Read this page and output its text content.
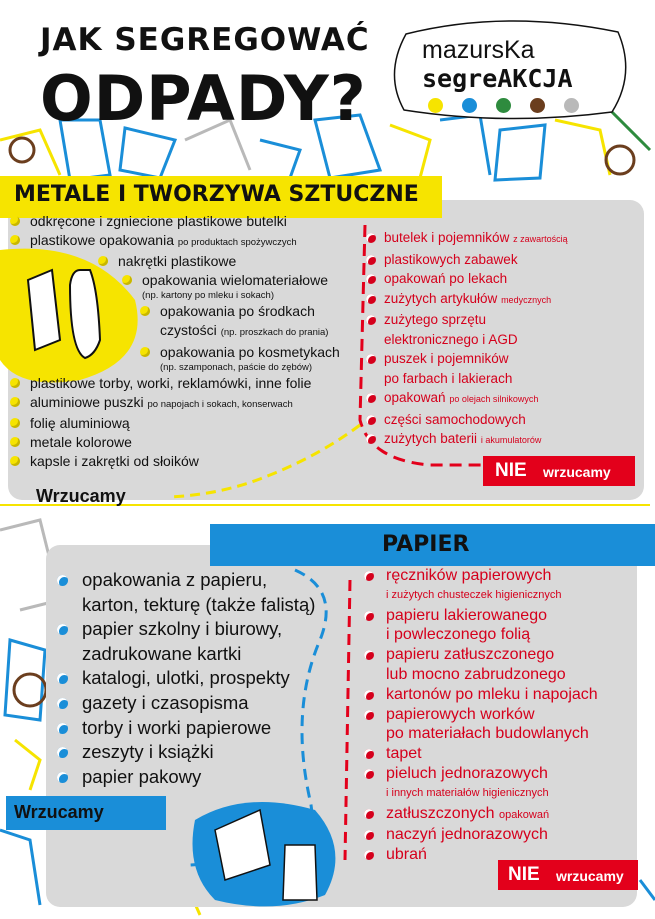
JAK SEGREGOWAĆ
ODPADY?
mazursKа
segreAKCJA
METALE I TWORZYWA SZTUCZNE
odkręcone i zgniecione plastikowe butelki
plastikowe opakowania po produktach spożywczych
nakrętki plastikowe
opakowania wielomateriałowe
(np. kartony po mleku i sokach)
opakowania po środkach
czystości (np. proszkach do prania)
opakowania po kosmetykach
(np. szamponach, paście do zębów)
plastikowe torby, worki, reklamówki, inne folie
aluminiowe puszki po napojach i sokach, konserwach
folię aluminiową
metale kolorowe
kapsle i zakrętki od słoików
butelek i pojemników z zawartością
plastikowych zabawek
opakowań po lekach
zużytych artykułów medycznych
zużytego sprzętu
elektronicznego i AGD
puszek i pojemników
po farbach i lakierach
opakowań po olejach silnikowych
części samochodowych
zużytych baterii i akumulatorów
NIE wrzucamy
Wrzucamy
PAPIER
opakowania z papieru,
karton, tekturę (także falistą)
papier szkolny i biurowy,
zadrukowane kartki
katalogi, ulotki, prospekty
gazety i czasopisma
torby i worki papierowe
zeszyty i książki
papier pakowy
ręczników papierowych
i zużytych chusteczek higienicznych
papieru lakierowanego
i powleczonego folią
papieru zatłuszczonego
lub mocno zabrudzonego
kartonów po mleku i napojach
papierowych worków
po materiałach budowlanych
tapet
pieluch jednorazowych
i innych materiałów higienicznych
zatłuszczonych opakowań
naczyń jednorazowych
ubrań
Wrzucamy
NIE wrzucamy
